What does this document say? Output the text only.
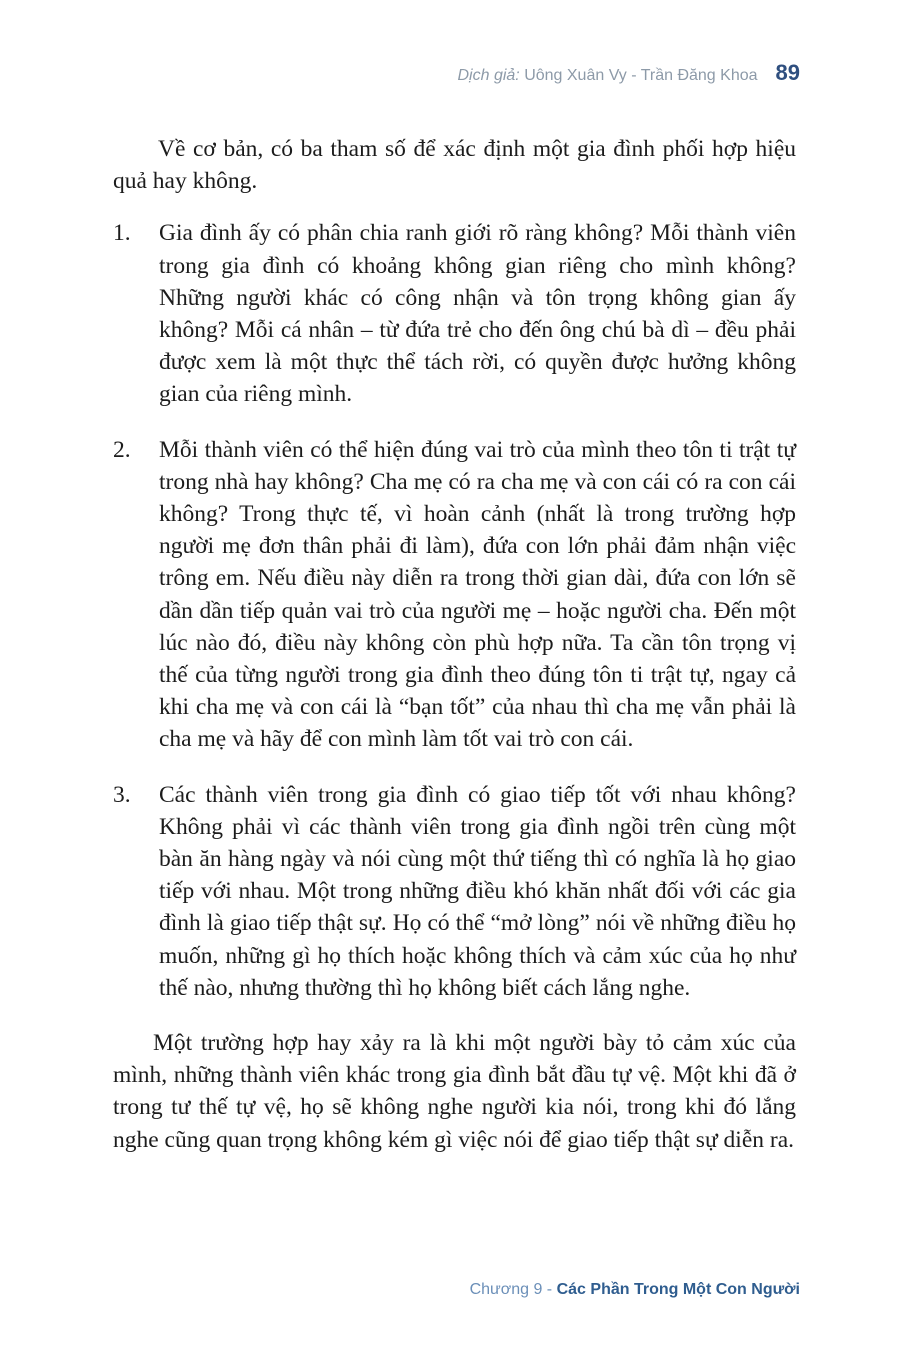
Dịch giả:
Uông Xuân Vy - Trần Đăng Khoa 89

Về cơ bản, có ba tham số để xác định một gia đình phối hợp hiệu quả hay không.

1. Gia đình ấy có phân chia ranh giới rõ ràng không? Mỗi thành viên trong gia đình có khoảng không gian riêng cho mình không? Những người khác có công nhận và tôn trọng không gian ấy không? Mỗi cá nhân – từ đứa trẻ cho đến ông chú bà dì – đều phải được xem là một thực thể tách rời, có quyền được hưởng không gian của riêng mình.
2. Mỗi thành viên có thể hiện đúng vai trò của mình theo tôn ti trật tự trong nhà hay không? Cha mẹ có ra cha mẹ và con cái có ra con cái không? Trong thực tế, vì hoàn cảnh (nhất là trong trường hợp người mẹ đơn thân phải đi làm), đứa con lớn phải đảm nhận việc trông em. Nếu điều này diễn ra trong thời gian dài, đứa con lớn sẽ dần dần tiếp quản vai trò của người mẹ – hoặc người cha. Đến một lúc nào đó, điều này không còn phù hợp nữa. Ta cần tôn trọng vị thế của từng người trong gia đình theo đúng tôn ti trật tự, ngay cả khi cha mẹ và con cái là “bạn tốt” của nhau thì cha mẹ vẫn phải là cha mẹ và hãy để con mình làm tốt vai trò con cái.
3. Các thành viên trong gia đình có giao tiếp tốt với nhau không? Không phải vì các thành viên trong gia đình ngồi trên cùng một bàn ăn hàng ngày và nói cùng một thứ tiếng thì có nghĩa là họ giao tiếp với nhau. Một trong những điều khó khăn nhất đối với các gia đình là giao tiếp thật sự. Họ có thể “mở lòng” nói về những điều họ muốn, những gì họ thích hoặc không thích và cảm xúc của họ như thế nào, nhưng thường thì họ không biết cách lắng nghe.

Một trường hợp hay xảy ra là khi một người bày tỏ cảm xúc của mình, những thành viên khác trong gia đình bắt đầu tự vệ. Một khi đã ở trong tư thế tự vệ, họ sẽ không nghe người kia nói, trong khi đó lắng nghe cũng quan trọng không kém gì việc nói để giao tiếp thật sự diễn ra.

Chương 9 - Các Phần Trong Một Con Người
